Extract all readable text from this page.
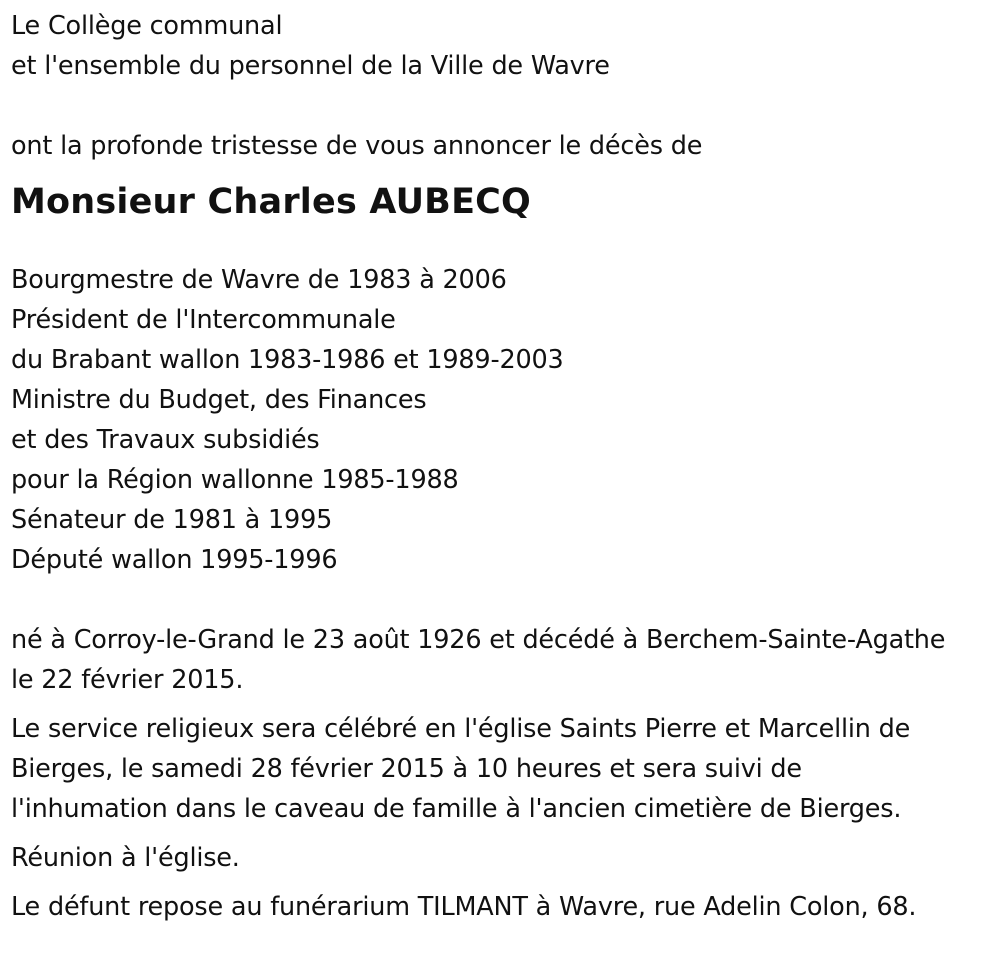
Le Collège communal
et l'ensemble du personnel de la Ville de Wavre
ont la profonde tristesse de vous annoncer le décès de
Monsieur Charles AUBECQ
Bourgmestre de Wavre de 1983 à 2006
Président de l'Intercommunale
du Brabant wallon 1983-1986 et 1989-2003
Ministre du Budget, des Finances
et des Travaux subsidiés
pour la Région wallonne 1985-1988
Sénateur de 1981 à 1995
Député wallon 1995-1996
né à Corroy-le-Grand le 23 août 1926 et décédé à Berchem-Sainte-Agathe
le 22 février 2015.
Le service religieux sera célébré en l'église Saints Pierre et Marcellin de
Bierges, le samedi 28 février 2015 à 10 heures et sera suivi de
l'inhumation dans le caveau de famille à l'ancien cimetière de Bierges.
Réunion à l'église.
Le défunt repose au funérarium TILMANT à Wavre, rue Adelin Colon, 68.
